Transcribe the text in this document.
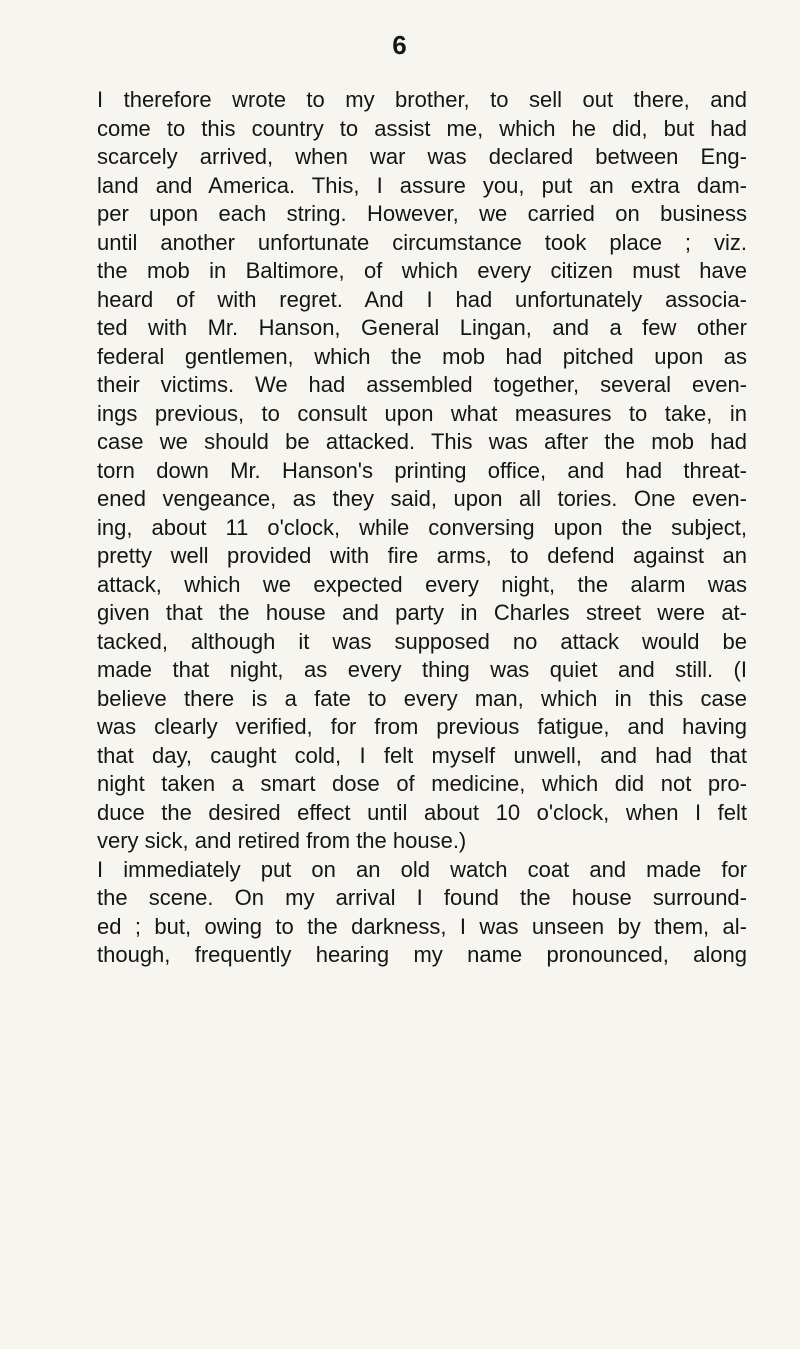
6
I therefore wrote to my brother, to sell out there, and
come to this country to assist me, which he did, but had
scarcely arrived, when war was declared between Eng-
land and America. This, I assure you, put an extra dam-
per upon each string. However, we carried on business
until another unfortunate circumstance took place ; viz.
the mob in Baltimore, of which every citizen must have
heard of with regret. And I had unfortunately associa-
ted with Mr. Hanson, General Lingan, and a few other
federal gentlemen, which the mob had pitched upon as
their victims. We had assembled together, several even-
ings previous, to consult upon what measures to take, in
case we should be attacked. This was after the mob had
torn down Mr. Hanson's printing office, and had threat-
ened vengeance, as they said, upon all tories. One even-
ing, about 11 o'clock, while conversing upon the subject,
pretty well provided with fire arms, to defend against an
attack, which we expected every night, the alarm was
given that the house and party in Charles street were at-
tacked, although it was supposed no attack would be
made that night, as every thing was quiet and still. (I
believe there is a fate to every man, which in this case
was clearly verified, for from previous fatigue, and having
that day, caught cold, I felt myself unwell, and had that
night taken a smart dose of medicine, which did not pro-
duce the desired effect until about 10 o'clock, when I felt
very sick, and retired from the house.)
I immediately put on an old watch coat and made for
the scene. On my arrival I found the house surround-
ed ; but, owing to the darkness, I was unseen by them, al-
though, frequently hearing my name pronounced, along
